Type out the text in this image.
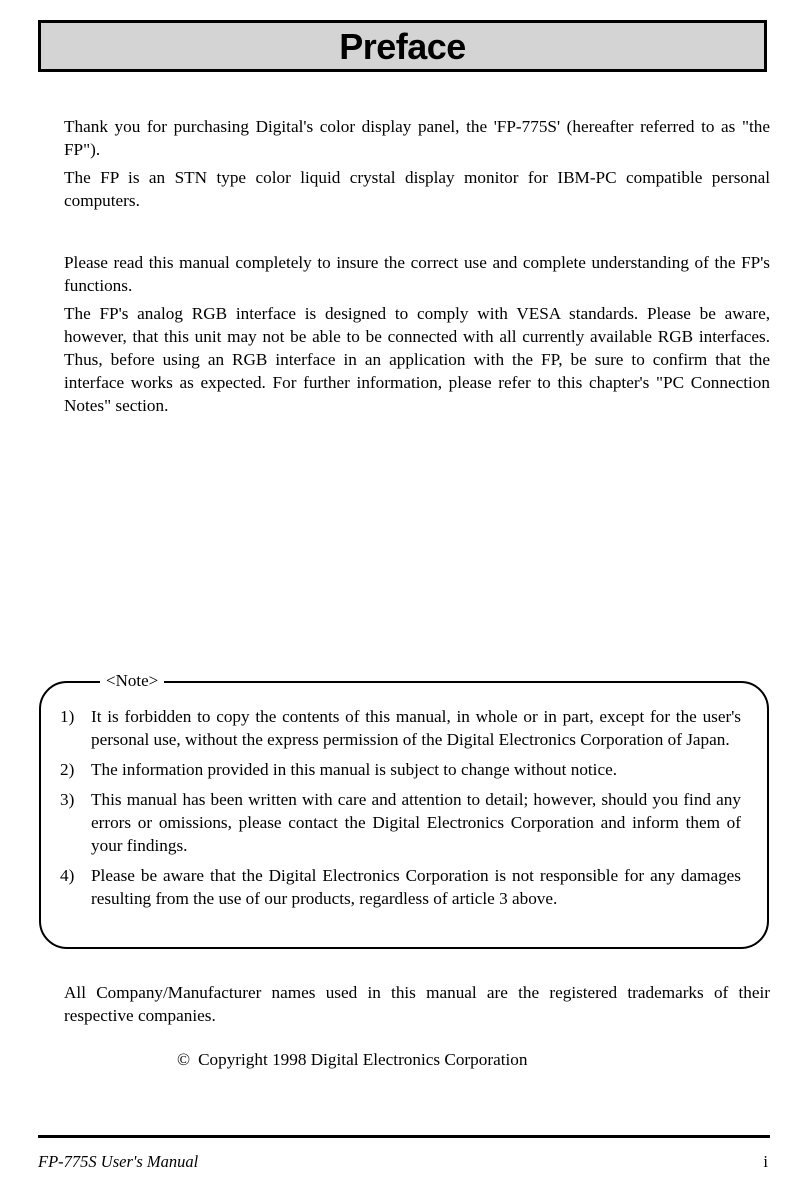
Preface

Thank you for purchasing Digital's color display panel, the 'FP-775S' (hereafter referred to as "the FP").

The FP is an STN type color liquid crystal display monitor for IBM-PC compatible personal computers.

Please read this manual completely to insure the correct use and complete understanding of the FP's functions.

The FP's analog RGB interface is designed to comply with VESA standards. Please be aware, however, that this unit may not be able to be connected with all currently available RGB interfaces. Thus, before using an RGB interface in an application with the FP, be sure to confirm that the interface works as expected. For further information, please refer to this chapter's "PC Connection Notes" section.

<Note>
1) It is forbidden to copy the contents of this manual, in whole or in part, except for the user's personal use, without the express permission of the Digital Electronics Corporation of Japan.
2) The information provided in this manual is subject to change without notice.
3) This manual has been written with care and attention to detail; however, should you find any errors or omissions, please contact the Digital Electronics Corporation and inform them of your findings.
4) Please be aware that the Digital Electronics Corporation is not responsible for any damages resulting from the use of our products, regardless of article 3 above.

All Company/Manufacturer names used in this manual are the registered trademarks of their respective companies.

© Copyright 1998 Digital Electronics Corporation
FP-775S User's Manual	i
